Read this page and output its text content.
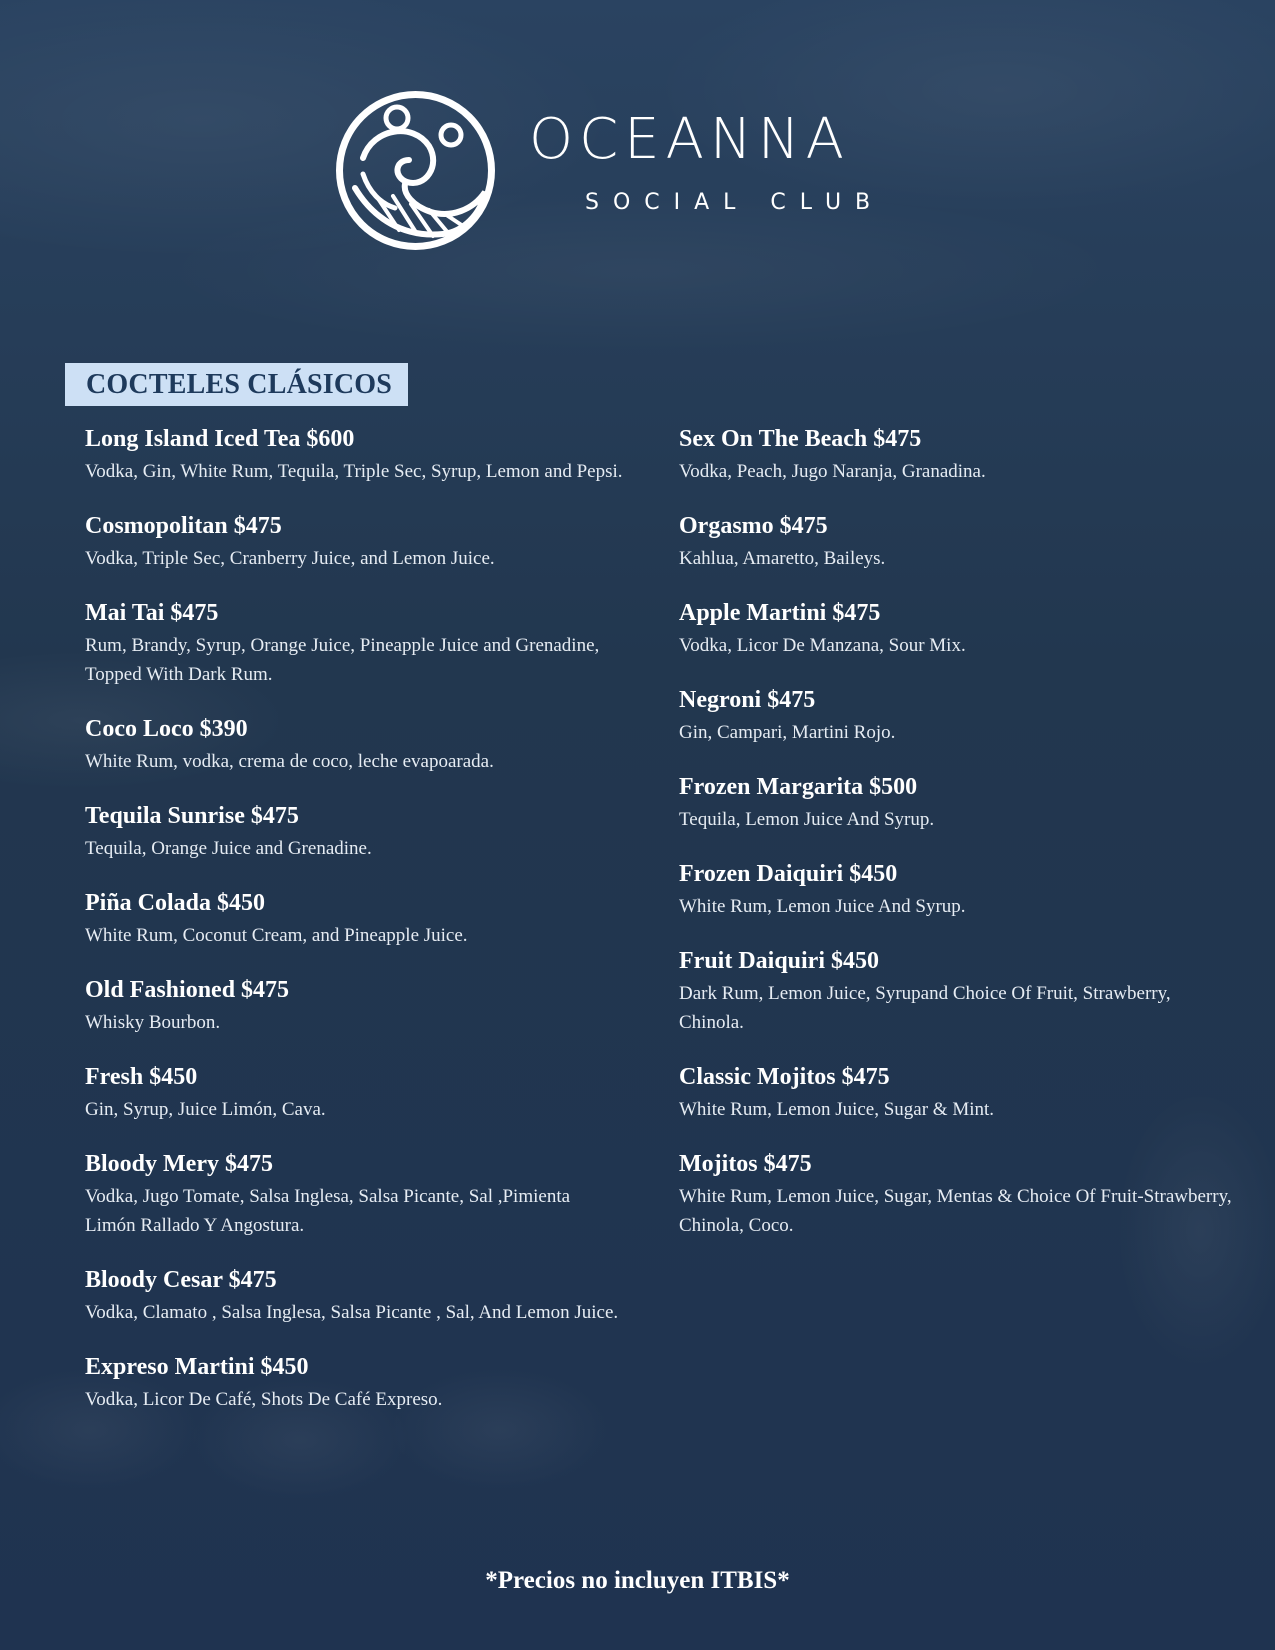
OCEANNA
SOCIAL CLUB
COCTELES CLÁSICOS
Long Island Iced Tea $600
Vodka, Gin, White Rum, Tequila, Triple Sec, Syrup, Lemon and Pepsi.
Cosmopolitan $475
Vodka, Triple Sec, Cranberry Juice, and Lemon Juice.
Mai Tai $475
Rum, Brandy, Syrup, Orange Juice, Pineapple Juice and Grenadine, Topped With Dark Rum.
Coco Loco $390
White Rum, vodka, crema de coco, leche evapoarada.
Tequila Sunrise $475
Tequila, Orange Juice and Grenadine.
Piña Colada $450
White Rum, Coconut Cream, and Pineapple Juice.
Old Fashioned $475
Whisky Bourbon.
Fresh $450
Gin, Syrup, Juice Limón, Cava.
Bloody Mery $475
Vodka, Jugo Tomate, Salsa Inglesa, Salsa Picante, Sal ,Pimienta Limón Rallado Y Angostura.
Bloody Cesar $475
Vodka, Clamato , Salsa Inglesa, Salsa Picante , Sal, And Lemon Juice.
Expreso Martini $450
Vodka, Licor De Café, Shots De Café Expreso.
Sex On The Beach $475
Vodka, Peach, Jugo Naranja, Granadina.
Orgasmo $475
Kahlua, Amaretto, Baileys.
Apple Martini $475
Vodka, Licor De Manzana, Sour Mix.
Negroni $475
Gin, Campari, Martini Rojo.
Frozen Margarita $500
Tequila, Lemon Juice And Syrup.
Frozen Daiquiri $450
White Rum, Lemon Juice And Syrup.
Fruit Daiquiri $450
Dark Rum, Lemon Juice, Syrupand Choice Of Fruit, Strawberry, Chinola.
Classic Mojitos $475
White Rum, Lemon Juice, Sugar & Mint.
Mojitos $475
White Rum, Lemon Juice, Sugar, Mentas & Choice Of Fruit-Strawberry, Chinola, Coco.
*Precios no incluyen ITBIS*
